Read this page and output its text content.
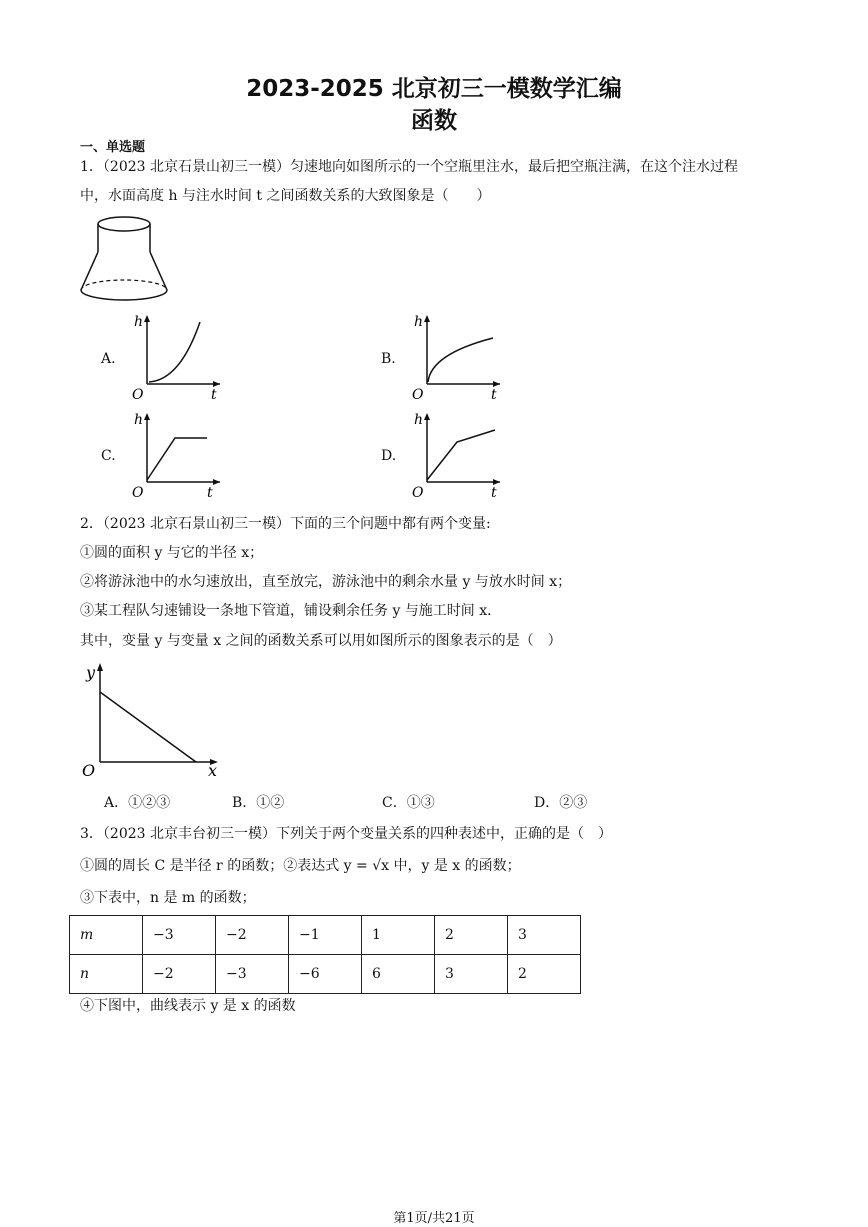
2023-2025 北京初三一模数学汇编
函数
一、单选题
1．（2023 北京石景山初三一模）匀速地向如图所示的一个空瓶里注水，最后把空瓶注满，在这个注水过程
中，水面高度 h 与注水时间 t 之间函数关系的大致图象是（　　）
A.
h
O	t
B.
h
O	t
C.
h
O	t
D.
h
O	t
2．（2023 北京石景山初三一模）下面的三个问题中都有两个变量:
①圆的面积 y 与它的半径 x；
②将游泳池中的水匀速放出，直至放完，游泳池中的剩余水量 y 与放水时间 x；
③某工程队匀速铺设一条地下管道，铺设剩余任务 y 与施工时间 x．
其中，变量 y 与变量 x 之间的函数关系可以用如图所示的图象表示的是（　）
y
O	x
A．①②③	B．①②	C．①③	D．②③
3．（2023 北京丰台初三一模）下列关于两个变量关系的四种表述中，正确的是（　）
①圆的周长 C 是半径 r 的函数；②表达式 y = √x 中，y 是 x 的函数；
③下表中，n 是 m 的函数；
m	−3	−2	−1	1	2	3
n	−2	−3	−6	6	3	2
④下图中，曲线表示 y 是 x 的函数
第1页/共21页
